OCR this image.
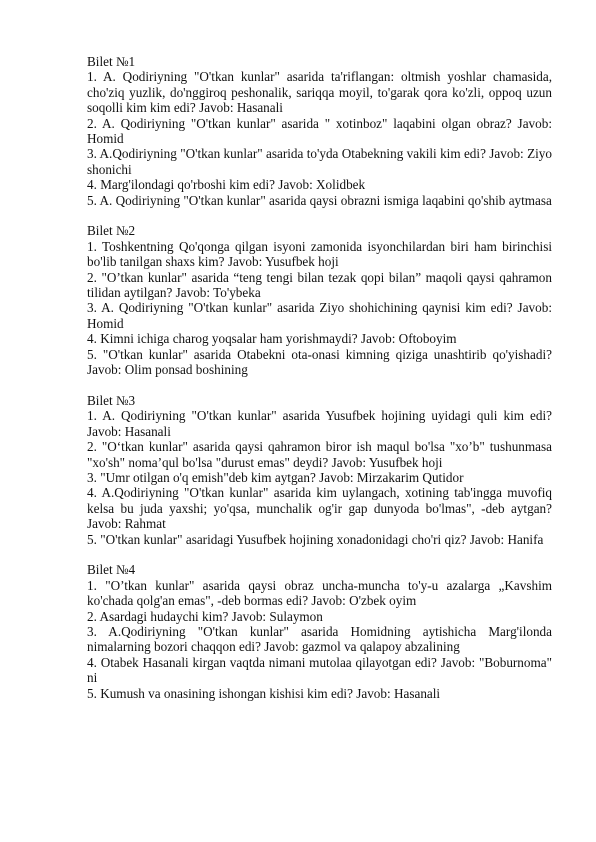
Bilet №1

1. A. Qodiriyning "O'tkan kunlar" asarida ta'riflangan: oltmish yoshlar chamasida, cho'ziq yuzlik, do'nggiroq peshonalik, sariqqa moyil, to'garak qora ko'zli, oppoq uzun soqolli kim kim edi? Javob: Hasanali

2. A. Qodiriyning "O'tkan kunlar" asarida " xotinboz" laqabini olgan obraz? Javob: Homid

3. A.Qodiriyning "O'tkan kunlar" asarida to'yda Otabekning vakili kim edi? Javob: Ziyo shonichi

4. Marg'ilondagi qo'rboshi kim edi? Javob: Xolidbek

5. A. Qodiriyning "O'tkan kunlar" asarida qaysi obrazni ismiga laqabini qo'shib aytmasa

Bilet №2

1. Toshkentning Qo'qonga qilgan isyoni zamonida isyonchilardan biri ham birinchisi bo'lib tanilgan shaxs kim? Javob: Yusufbek hoji

2. "O’tkan kunlar" asarida “teng tengi bilan tezak qopi bilan” maqoli qaysi qahramon tilidan aytilgan? Javob: To'ybeka

3. A. Qodiriyning "O'tkan kunlar" asarida Ziyo shohichining qaynisi kim edi? Javob: Homid

4. Kimni ichiga charog yoqsalar ham yorishmaydi? Javob: Oftoboyim

5. "O'tkan kunlar" asarida Otabekni ota-onasi kimning qiziga unashtirib qo'yishadi? Javob: Olim ponsad boshining

Bilet №3

1. A. Qodiriyning "O'tkan kunlar" asarida Yusufbek hojining uyidagi quli kim edi? Javob: Hasanali

2. "O‘tkan kunlar" asarida qaysi qahramon biror ish maqul bo'lsa "xo’b" tushunmasa "xo'sh" noma’qul bo'lsa "durust emas" deydi? Javob: Yusufbek hoji

3. "Umr otilgan o'q emish"deb kim aytgan? Javob: Mirzakarim Qutidor

4. A.Qodiriyning "O'tkan kunlar" asarida kim uylangach, xotining tab'ingga muvofiq kelsa bu juda yaxshi; yo'qsa, munchalik og'ir gap dunyoda bo'lmas", -deb aytgan? Javob: Rahmat

5. "O'tkan kunlar" asaridagi Yusufbek hojining xonadonidagi cho'ri qiz? Javob: Hanifa

Bilet №4

1. "O’tkan kunlar" asarida qaysi obraz uncha-muncha to'y-u azalarga „Kavshim ko'chada qolg'an emas", -deb bormas edi? Javob: O'zbek oyim

2. Asardagi hudaychi kim? Javob: Sulaymon

3. A.Qodiriyning "O'tkan kunlar" asarida Homidning aytishicha Marg'ilonda nimalarning bozori chaqqon edi? Javob: gazmol va qalapoy abzalining

4. Otabek Hasanali kirgan vaqtda nimani mutolaa qilayotgan edi? Javob: "Boburnoma" ni

5. Kumush va onasining ishongan kishisi kim edi? Javob: Hasanali
